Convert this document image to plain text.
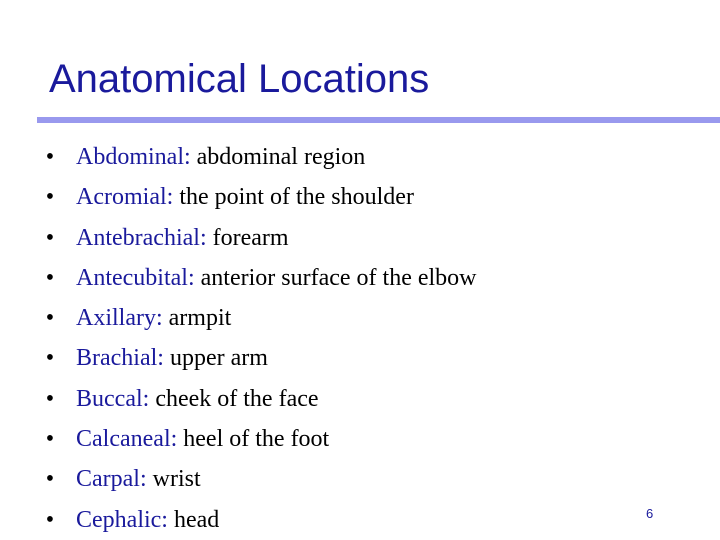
Anatomical Locations
• Abdominal: abdominal region
• Acromial: the point of the shoulder
• Antebrachial: forearm
• Antecubital: anterior surface of the elbow
• Axillary: armpit
• Brachial: upper arm
• Buccal: cheek of the face
• Calcaneal: heel of the foot
• Carpal: wrist
• Cephalic: head	6
